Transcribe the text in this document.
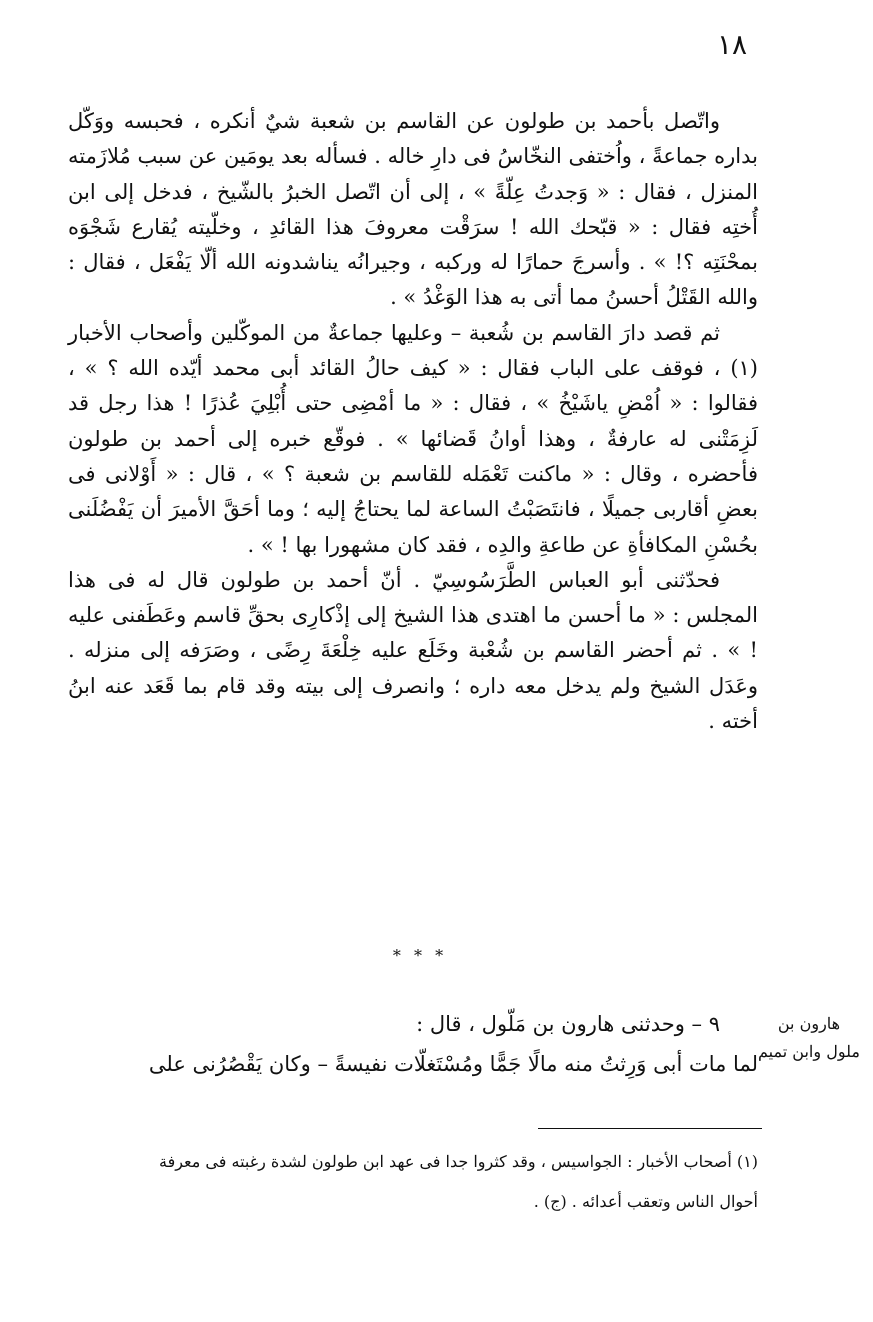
١٨

واتّصل بأحمد بن طولون عن القاسم بن شعبة شيٌ أنكره ، فحبسه ووَكّل بداره جماعةً ، واُختفى النخّاسُ فى دارِ خاله . فسأله بعد يومَين عن سبب مُلازَمته المنزل ، فقال : « وَجدتُ عِلّةً » ، إلى أن اتّصل الخبرُ بالشّيخ ، فدخل إلى ابن أُختِه فقال : « قبّحك الله ! سرَقْت معروفَ هذا القائدِ ، وخلّيته يُقارع شَجْوَه بمحْنَتِه ؟! » . وأسرجَ حمارًا له وركبه ، وجيرانُه يناشدونه الله ألّا يَفْعَل ، فقال : والله القَتْلُ أحسنُ مما أتى به هذا الوَغْدُ » .

ثم قصد دارَ القاسم بن شُعبة – وعليها جماعةٌ من الموكّلين وأصحاب الأخبار (١) ، فوقف على الباب فقال : « كيف حالُ القائد أبى محمد أيّده الله ؟ » ، فقالوا : « اُمْضِ ياشَيْخُ » ، فقال : « ما أمْضِى حتى أُبْلِيَ عُذرًا ! هذا رجل قد لَزِمَتْنى له عارفةٌ ، وهذا أوانُ قَضائها » . فوقّع خبره إلى أحمد بن طولون فأحضره ، وقال : « ماكنت تَعْمَله للقاسم بن شعبة ؟ » ، قال : « أَوْلانى فى بعضِ أقاربى جميلًا ، فانتَصَبْتُ الساعة لما يحتاجُ إليه ؛ وما أحَقَّ الأميرَ أن يَفْضُلَنى بحُسْنِ المكافأةِ عن طاعةِ والدِه ، فقد كان مشهورا بها ! » .

فحدّثنى أبو العباس الطَّرَسُوسِيّ . أنّ أحمد بن طولون قال له فى هذا المجلس : « ما أحسن ما اهتدى هذا الشيخ إلى إذْكارِى بحقِّ قاسم وعَطَفنى عليه ! » . ثم أحضر القاسم بن شُعْبة وخَلَع عليه خِلْعَةَ رِضًى ، وصَرَفه إلى منزله . وعَدَل الشيخ ولم يدخل معه داره ؛ وانصرف إلى بيته وقد قام بما قَعَد عنه ابنُ أخته .

* * *
هارون بن
ملول وابن تميم

٩ – وحدثنى هارون بن مَلّول ، قال :

لما مات أبى وَرِثتُ منه مالًا جَمًّا ومُسْتَغلّات نفيسةً – وكان يَقْصُرُنى على

(١) أصحاب الأخبار : الجواسيس ، وقد كثروا جدا فى عهد ابن طولون لشدة رغبته فى معرفة

أحوال الناس وتعقب أعدائه . (ج) .
